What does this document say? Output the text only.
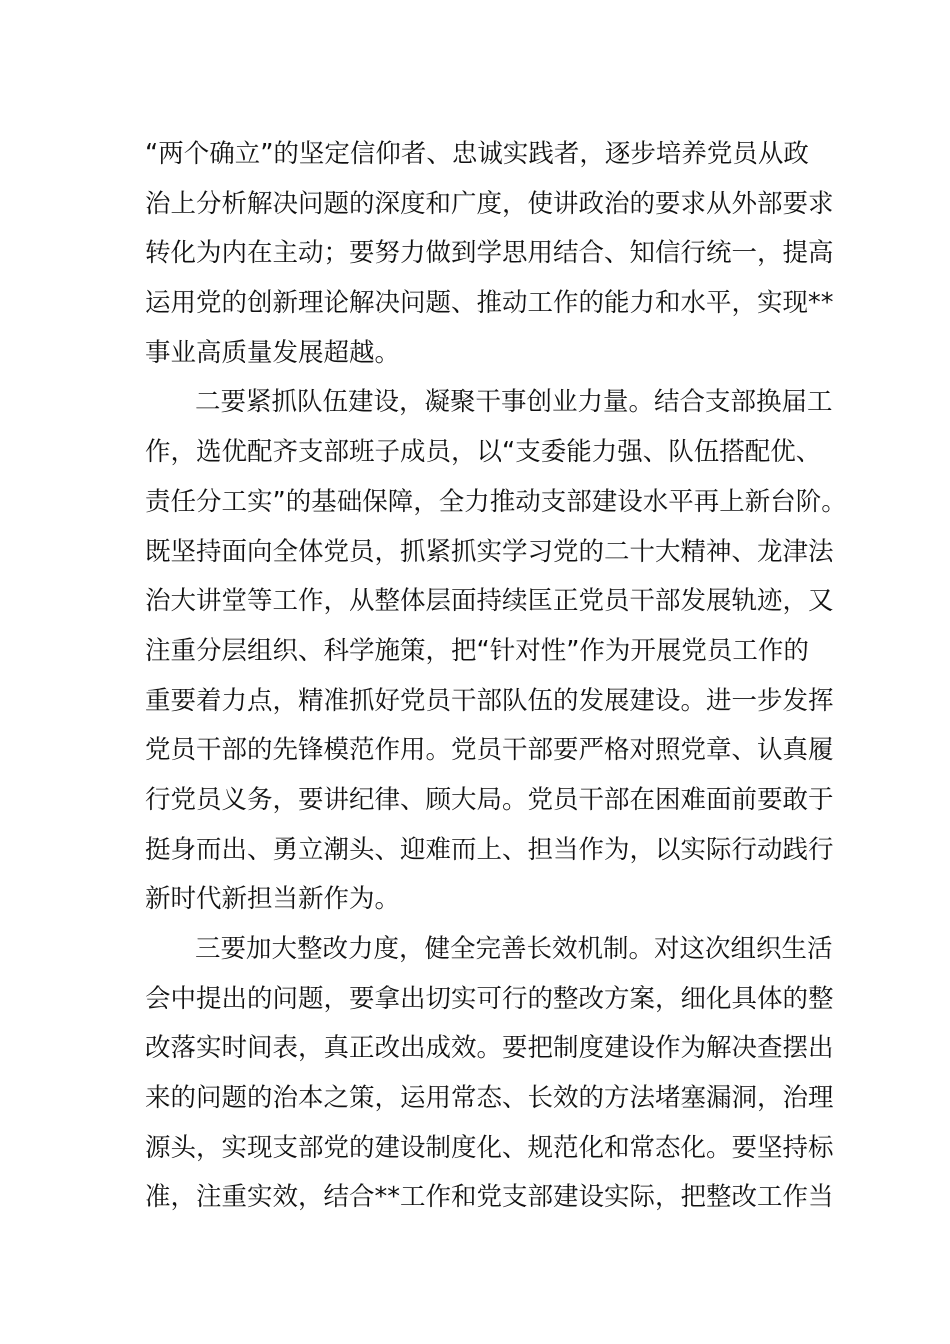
“两个确立”的坚定信仰者、忠诚实践者，逐步培养党员从政
治上分析解决问题的深度和广度，使讲政治的要求从外部要求
转化为内在主动；要努力做到学思用结合、知信行统一，提高
运用党的创新理论解决问题、推动工作的能力和水平，实现**
事业高质量发展超越。
二要紧抓队伍建设，凝聚干事创业力量。结合支部换届工
作，选优配齐支部班子成员，以“支委能力强、队伍搭配优、
责任分工实”的基础保障，全力推动支部建设水平再上新台阶。
既坚持面向全体党员，抓紧抓实学习党的二十大精神、龙津法
治大讲堂等工作，从整体层面持续匡正党员干部发展轨迹，又
注重分层组织、科学施策，把“针对性”作为开展党员工作的
重要着力点，精准抓好党员干部队伍的发展建设。进一步发挥
党员干部的先锋模范作用。党员干部要严格对照党章、认真履
行党员义务，要讲纪律、顾大局。党员干部在困难面前要敢于
挺身而出、勇立潮头、迎难而上、担当作为，以实际行动践行
新时代新担当新作为。
三要加大整改力度，健全完善长效机制。对这次组织生活
会中提出的问题，要拿出切实可行的整改方案，细化具体的整
改落实时间表，真正改出成效。要把制度建设作为解决查摆出
来的问题的治本之策，运用常态、长效的方法堵塞漏洞，治理
源头，实现支部党的建设制度化、规范化和常态化。要坚持标
准，注重实效，结合**工作和党支部建设实际，把整改工作当
